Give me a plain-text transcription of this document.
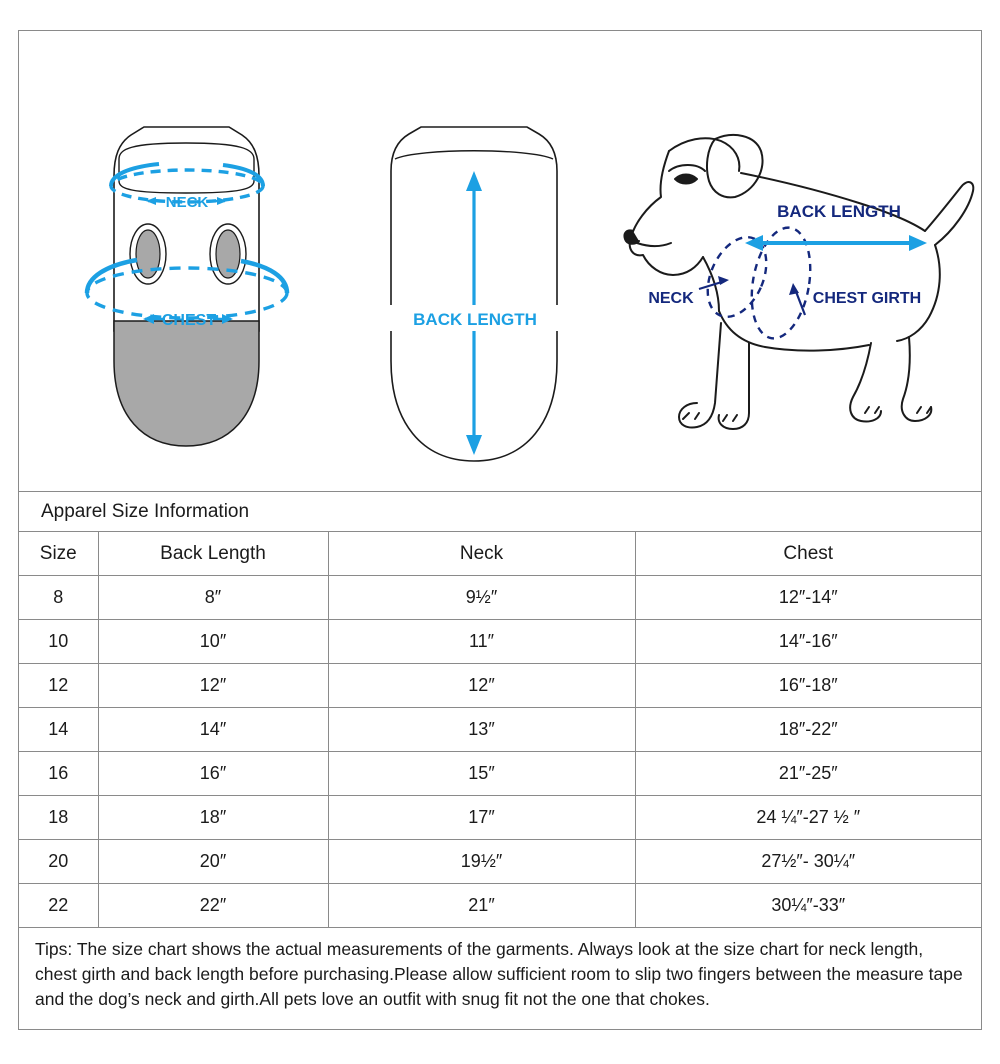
NECK
CHEST	BACK LENGTH
NECK	CHEST GIRTH
BACK LENGTH
Apparel Size Information
Size	Back Length	Neck	Chest
8	8″	9½″	12″-14″
10	10″	11″	14″-16″
12	12″	12″	16″-18″
14	14″	13″	18″-22″
16	16″	15″	21″-25″
18	18″	17″	24 ¼″-27 ½ ″
20	20″	19½″	27½″- 30¼″
22	22″	21″	30¼″-33″
Tips: The size chart shows the actual measurements of the garments. Always look at the size chart for neck length, chest girth and back length before purchasing.Please allow sufficient room to slip two fingers between the measure tape and the dog’s neck and girth.All pets love an outfit with snug fit not the one that chokes.
